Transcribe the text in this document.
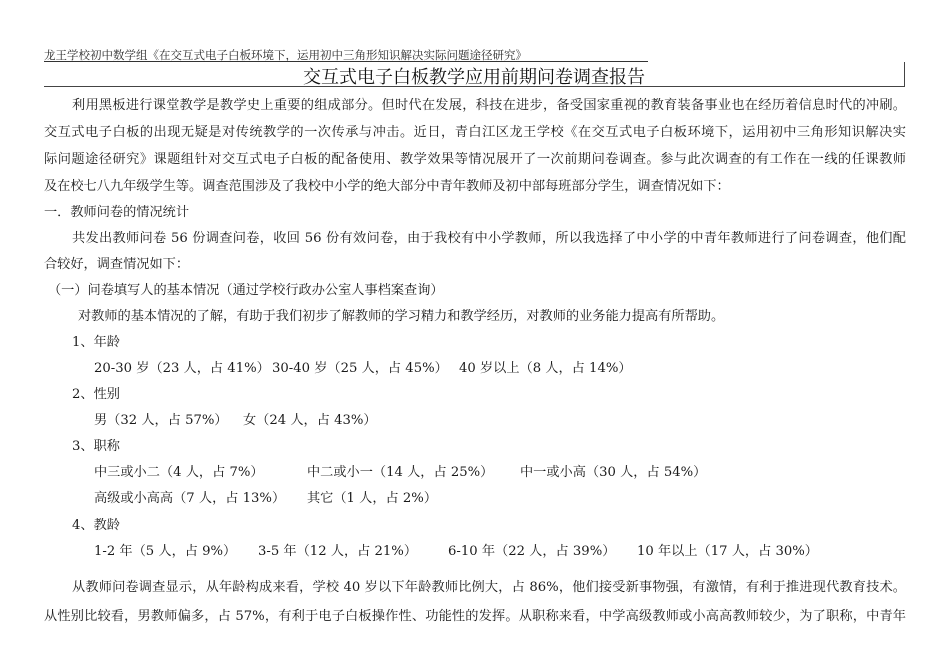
龙王学校初中数学组《在交互式电子白板环境下，运用初中三角形知识解决实际问题途径研究》
交互式电子白板教学应用前期问卷调查报告
利用黑板进行课堂教学是教学史上重要的组成部分。但时代在发展，科技在进步，备受国家重视的教育装备事业也在经历着信息时代的冲刷。
交互式电子白板的出现无疑是对传统教学的一次传承与冲击。近日，青白江区龙王学校《在交互式电子白板环境下，运用初中三角形知识解决实
际问题途径研究》课题组针对交互式电子白板的配备使用、教学效果等情况展开了一次前期问卷调查。参与此次调查的有工作在一线的任课教师
及在校七八九年级学生等。调查范围涉及了我校中小学的绝大部分中青年教师及初中部每班部分学生，调查情况如下：
一．教师问卷的情况统计
共发出教师问卷 56 份调查问卷，收回 56 份有效问卷，由于我校有中小学教师，所以我选择了中小学的中青年教师进行了问卷调查，他们配
合较好，调查情况如下：
（一）问卷填写人的基本情况（通过学校行政办公室人事档案查询）
对教师的基本情况的了解，有助于我们初步了解教师的学习精力和教学经历，对教师的业务能力提高有所帮助。
1、年龄
20-30 岁（23 人，占 41%） 30-40 岁（25 人，占 45%） 40 岁以上（8 人，占 14%）
2、性别
男（32 人，占 57%） 女（24 人，占 43%）
3、职称
中三或小二（4 人，占 7%）	中二或小一（14 人，占 25%） 中一或小高（30 人，占 54%）
高级或小高高（7 人，占 13%） 其它（1 人，占 2%）
4、教龄
1-2 年（5 人，占 9%） 3-5 年（12 人，占 21%） 6-10 年（22 人，占 39%） 10 年以上（17 人，占 30%）
从教师问卷调查显示，从年龄构成来看，学校 40 岁以下年龄教师比例大，占 86%，他们接受新事物强，有激情，有利于推进现代教育技术。
从性别比较看，男教师偏多，占 57%，有利于电子白板操作性、功能性的发挥。从职称来看，中学高级教师或小高高教师较少，为了职称，中青年
